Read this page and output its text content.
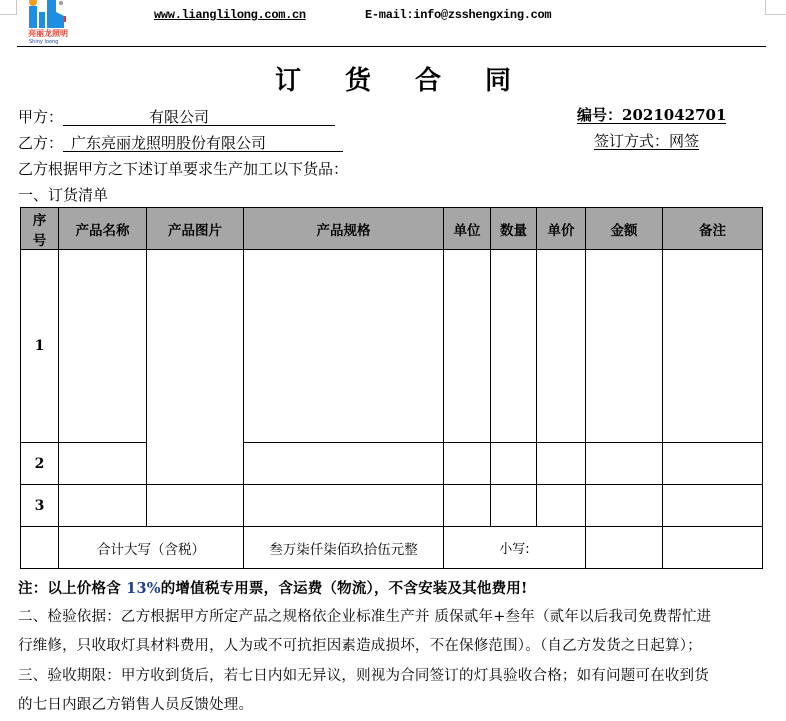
亮丽龙照明
Shiny loong
www.lianglilong.com.cn	E-mail:info@zsshengxing.com
订 货 合 同
甲方：	有限公司	编号：2021042701
乙方： 广东亮丽龙照明股份有限公司	签订方式：网签
乙方根据甲方之下述订单要求生产加工以下货品：
一、订货清单
序
号	产品名称	产品图片	产品规格	单位	数量	单价	金额	备注
1								
2								
3								
	合计大写（含税）		叁万柒仟柒佰玖拾伍元整	小写:				
注：以上价格含 13%的增值税专用票，含运费（物流），不含安装及其他费用!
二、检验依据：乙方根据甲方所定产品之规格依企业标准生产并 质保贰年+叁年（贰年以后我司免费帮忙进
行维修，只收取灯具材料费用，人为或不可抗拒因素造成损坏，不在保修范围）。（自乙方发货之日起算）；
三、验收期限：甲方收到货后，若七日内如无异议，则视为合同签订的灯具验收合格；如有问题可在收到货
的七日内跟乙方销售人员反馈处理。
